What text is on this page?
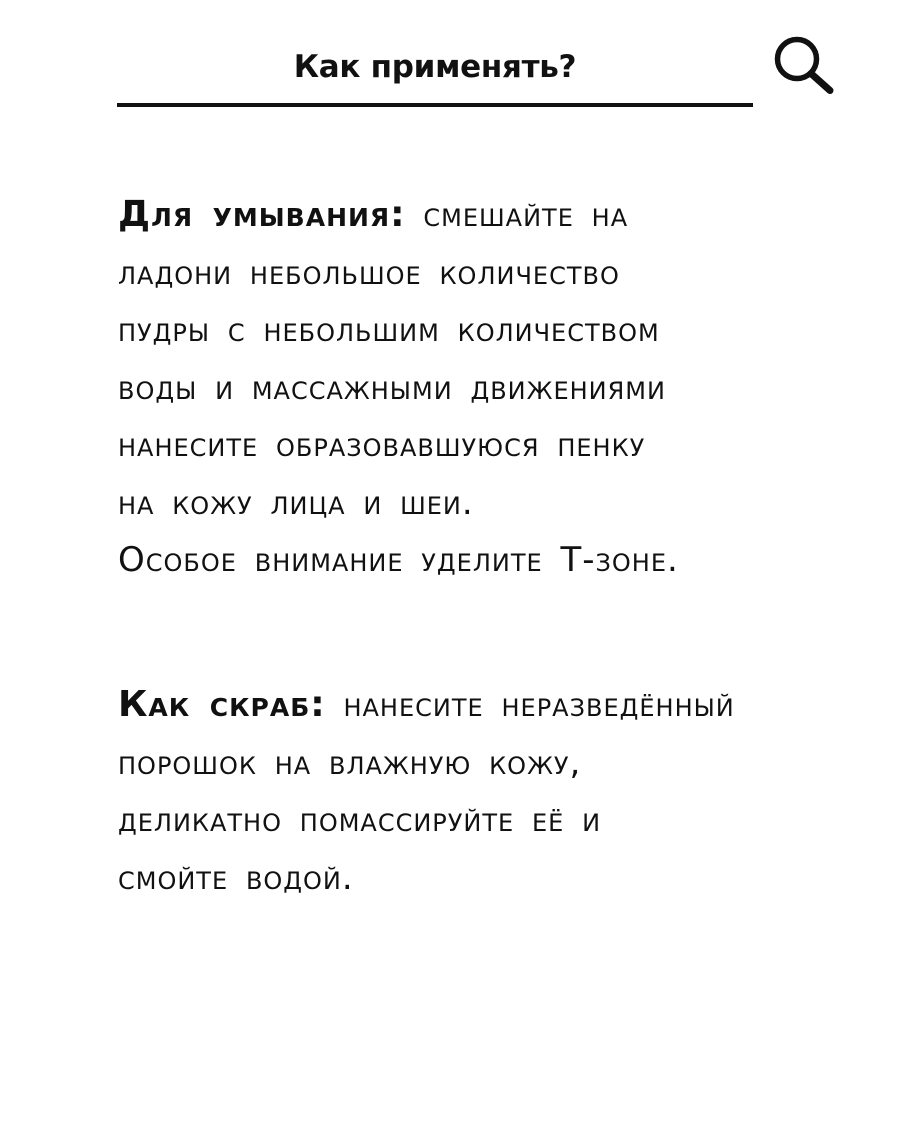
Как применять?
Для умывания: смешайте на
ладони небольшое количество
пудры с небольшим количеством
воды и массажными движениями
нанесите образовавшуюся пенку
на кожу лица и шеи.
Особое внимание уделите Т-зоне.
Как скраб: нанесите неразведённый
порошок на влажную кожу,
деликатно помассируйте её и
смойте водой.
